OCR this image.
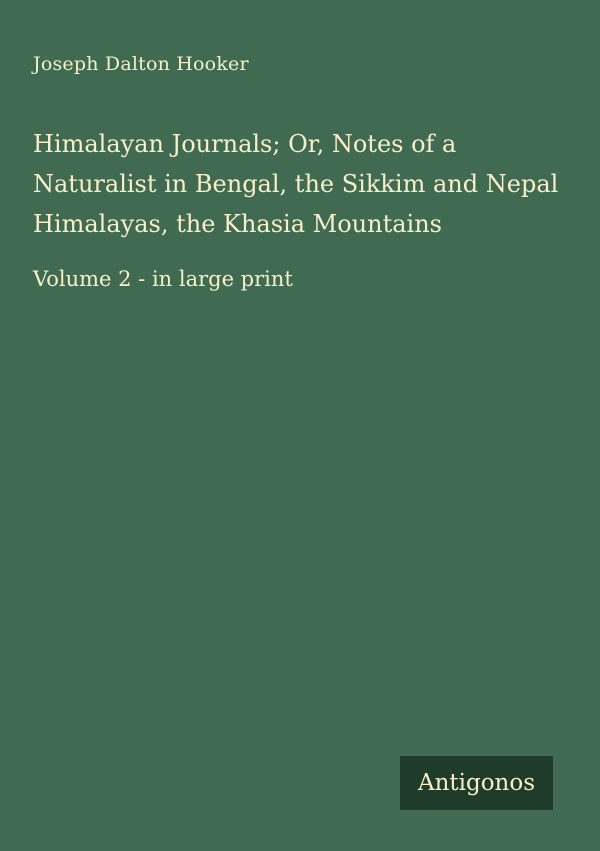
Joseph Dalton Hooker
Himalayan Journals; Or, Notes of a Naturalist in Bengal, the Sikkim and Nepal Himalayas, the Khasia Mountains
Volume 2 - in large print
Antigonos
